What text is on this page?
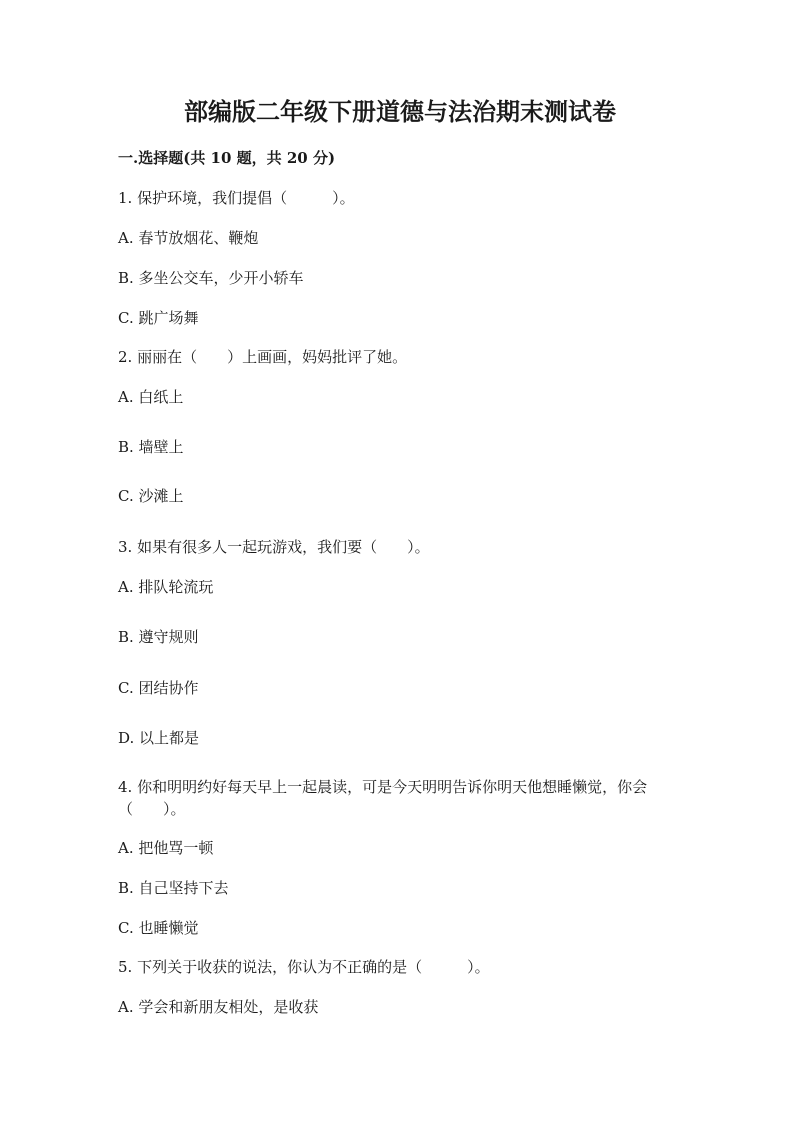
部编版二年级下册道德与法治期末测试卷
一.选择题(共 10 题，共 20 分)
1. 保护环境，我们提倡（　　　）。
A. 春节放烟花、鞭炮
B. 多坐公交车，少开小轿车
C. 跳广场舞
2. 丽丽在（　　）上画画，妈妈批评了她。
A. 白纸上
B. 墙壁上
C. 沙滩上
3. 如果有很多人一起玩游戏，我们要（　　）。
A. 排队轮流玩
B. 遵守规则
C. 团结协作
D. 以上都是
4. 你和明明约好每天早上一起晨读，可是今天明明告诉你明天他想睡懒觉，你会（　　）。
A. 把他骂一顿
B. 自己坚持下去
C. 也睡懒觉
5. 下列关于收获的说法，你认为不正确的是（　　　）。
A. 学会和新朋友相处，是收获
